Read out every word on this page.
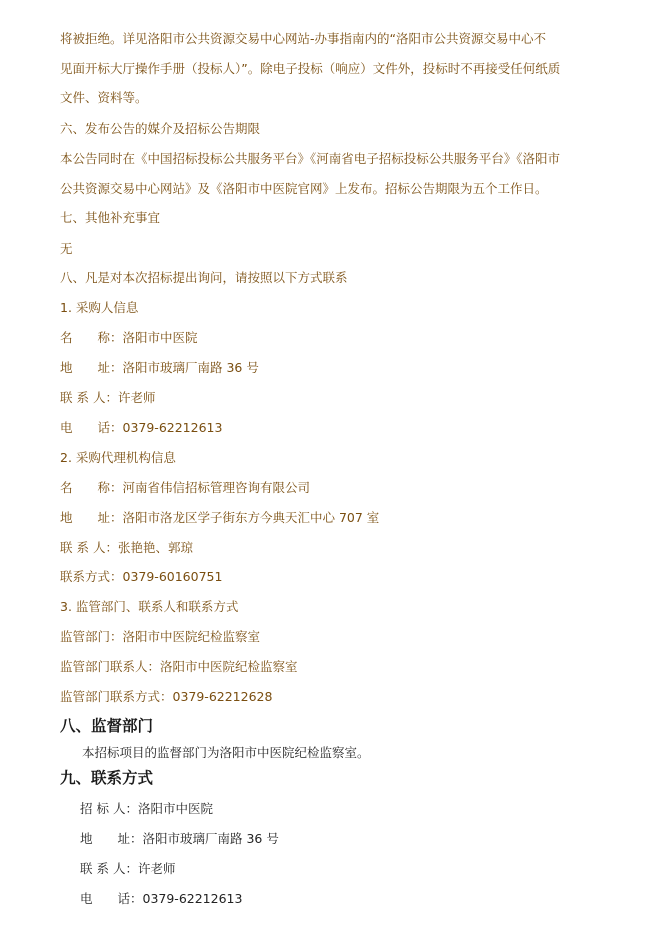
将被拒绝。详见洛阳市公共资源交易中心网站-办事指南内的“洛阳市公共资源交易中心不
见面开标大厅操作手册（投标人）”。除电子投标（响应）文件外，投标时不再接受任何纸质
文件、资料等。
六、发布公告的媒介及招标公告期限
本公告同时在《中国招标投标公共服务平台》《河南省电子招标投标公共服务平台》《洛阳市
公共资源交易中心网站》及《洛阳市中医院官网》上发布。招标公告期限为五个工作日。
七、其他补充事宜
无
八、凡是对本次招标提出询问，请按照以下方式联系
1. 采购人信息
名　　称：洛阳市中医院
地　　址：洛阳市玻璃厂南路 36 号
联 系 人：许老师
电　　话：0379-62212613
2. 采购代理机构信息
名　　称：河南省伟信招标管理咨询有限公司
地　　址：洛阳市洛龙区学子街东方今典天汇中心 707 室
联 系 人：张艳艳、郭琼
联系方式：0379-60160751
3. 监管部门、联系人和联系方式
监管部门：洛阳市中医院纪检监察室
监管部门联系人：洛阳市中医院纪检监察室
监管部门联系方式：0379-62212628
八、监督部门
本招标项目的监督部门为洛阳市中医院纪检监察室。
九、联系方式
招 标 人：洛阳市中医院
地　　址：洛阳市玻璃厂南路 36 号
联 系 人：许老师
电　　话：0379-62212613
